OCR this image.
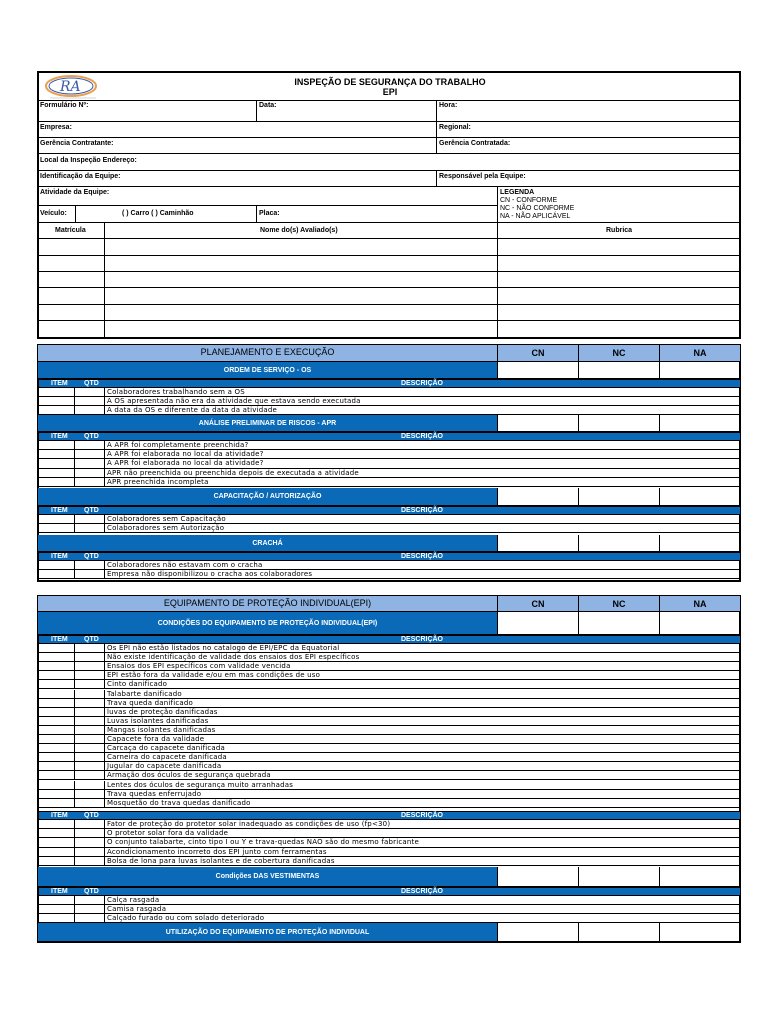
RA	INSPEÇÃO DE SEGURANÇA DO TRABALHO
EPI
Formulário Nº:	Data:	Hora:
Empresa:	Regional:
Gerência Contratante:	Gerência Contratada:
Local da Inspeção Endereço:
Identificação da Equipe:	Responsável pela Equipe:
Atividade da Equipe:
Veículo:	( ) Carro ( ) Caminhão	Placa:
LEGENDA
CN - CONFORME
NC - NÃO CONFORME
NA - NÃO APLICÁVEL
Matrícula	Nome do(s) Avaliado(s)	Rubrica
PLANEJAMENTO E EXECUÇÃO	CN	NC	NA
ORDEM DE SERVIÇO - OS
ITEM QTD	DESCRIÇÃO
Colaboradores trabalhando sem a OS
A OS apresentada não era da atividade que estava sendo executada
A data da OS e diferente da data da atividade
ANÁLISE PRELIMINAR DE RISCOS - APR
ITEM QTD	DESCRIÇÃO
A APR foi completamente preenchida?
A APR foi elaborada no local da atividade?
A APR foi elaborada no local da atividade?
APR não preenchida ou preenchida depois de executada a atividade
APR preenchida incompleta
CAPACITAÇÃO / AUTORIZAÇÃO
ITEM QTD	DESCRIÇÃO
Colaboradores sem Capacitação
Colaboradores sem Autorização
CRACHÁ
ITEM QTD	DESCRIÇÃO
Colaboradores não estavam com o cracha
Empresa não disponibilizou o cracha aos colaboradores
EQUIPAMENTO DE PROTEÇÃO INDIVIDUAL(EPI)	CN	NC	NA
CONDIÇÕES DO EQUIPAMENTO DE PROTEÇÃO INDIVIDUAL(EPI)
ITEM QTD	DESCRIÇÃO
Os EPI não estão listados no catalogo de EPI/EPC da Equatorial
Não existe identificação de validade dos ensaios dos EPI específicos
Ensaios dos EPI específicos com validade vencida
EPI estão fora da validade e/ou em mas condições de uso
Cinto danificado
Talabarte danificado
Trava queda danificado
luvas de proteção danificadas
Luvas isolantes danificadas
Mangas isolantes danificadas
Capacete fora da validade
Carcaça do capacete danificada
Carneira do capacete danificada
Jugular do capacete danificada
Armação dos óculos de segurança quebrada
Lentes dos óculos de segurança muito arranhadas
Trava quedas enferrujado
Mosquetão do trava quedas danificado
ITEM QTD	DESCRIÇÃO
Fator de proteção do protetor solar inadequado as condições de uso (fp<30)
O protetor solar fora da validade
O conjunto talabarte, cinto tipo I ou Y e trava-quedas NÃO são do mesmo fabricante
Acondicionamento incorreto dos EPI junto com ferramentas
Bolsa de lona para luvas isolantes e de cobertura danificadas
Condições DAS VESTIMENTAS
ITEM QTD	DESCRIÇÃO
Calça rasgada
Camisa rasgada
Calçado furado ou com solado deteriorado
UTILIZAÇÃO DO EQUIPAMENTO DE PROTEÇÃO INDIVIDUAL
